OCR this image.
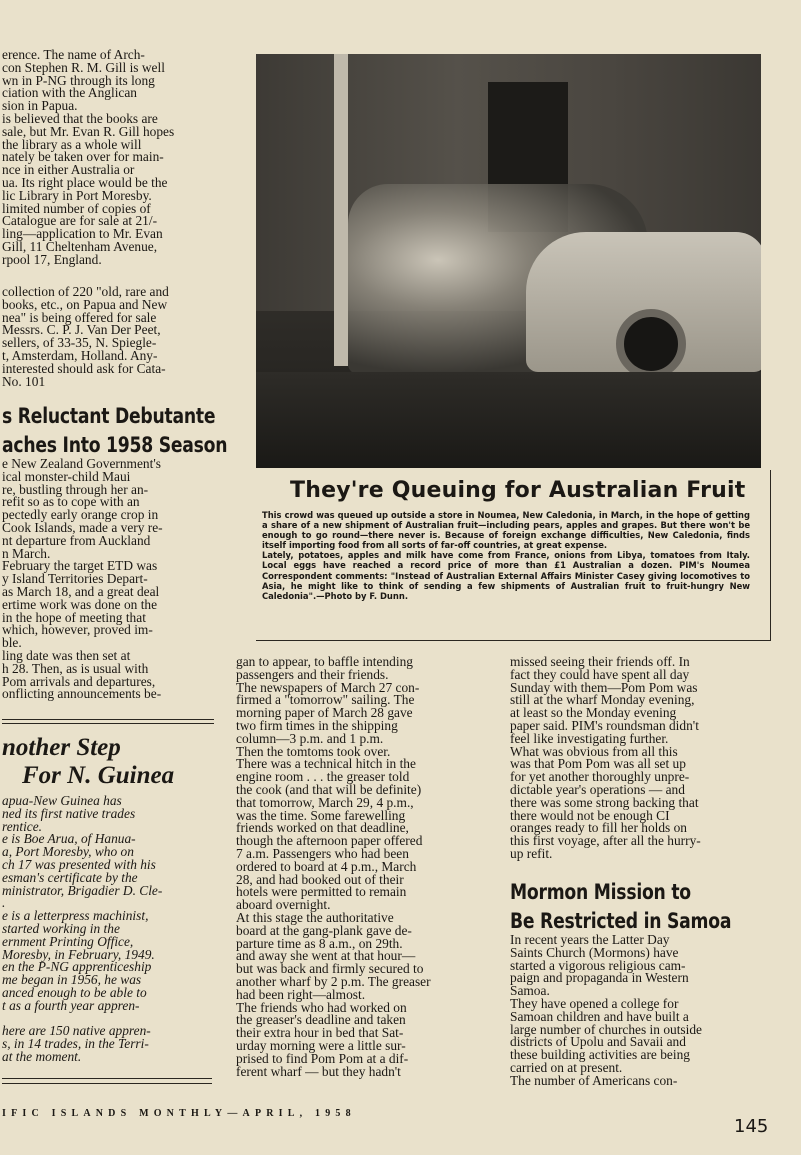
erence. The name of Arch-
con Stephen R. M. Gill is well
wn in P-NG through its long
ciation with the Anglican
sion in Papua.
is believed that the books are
sale, but Mr. Evan R. Gill hopes
the library as a whole will
nately be taken over for main-
nce in either Australia or
ua. Its right place would be the
lic Library in Port Moresby.
limited number of copies of
Catalogue are for sale at 21/-
ling—application to Mr. Evan
Gill, 11 Cheltenham Avenue,
rpool 17, England.

collection of 220 "old, rare and
books, etc., on Papua and New
nea" is being offered for sale
Messrs. C. P. J. Van Der Peet,
sellers, of 33-35, N. Spiegle-
t, Amsterdam, Holland. Any-
interested should ask for Cata-
No. 101

s Reluctant Debutante

aches Into 1958 Season

e New Zealand Government's
ical monster-child Maui
re, bustling through her an-
refit so as to cope with an
pectedly early orange crop in
Cook Islands, made a very re-
nt departure from Auckland
n March.
February the target ETD was
y Island Territories Depart-
as March 18, and a great deal
ertime work was done on the
in the hope of meeting that
which, however, proved im-
ble.
ling date was then set at
h 28. Then, as is usual with
Pom arrivals and departures,
onflicting announcements be-

nother Step

For N. Guinea

apua-New Guinea has
ned its first native trades
rentice.
e is Boe Arua, of Hanua-
a, Port Moresby, who on
ch 17 was presented with his
esman's certificate by the
ministrator, Brigadier D. Cle-
.
e is a letterpress machinist,
started working in the
ernment Printing Office,
Moresby, in February, 1949.
en the P-NG apprenticeship
me began in 1956, he was
anced enough to be able to
t as a fourth year appren-

here are 150 native appren-
s, in 14 trades, in the Terri-
at the moment.

They're Queuing for Australian Fruit

This crowd was queued up outside a store in Noumea, New Caledonia, in March, in the hope of getting a share of a new shipment of Australian fruit—including pears, apples and grapes. But there won't be enough to go round—there never is. Because of foreign exchange difficulties, New Caledonia, finds itself importing food from all sorts of far-off countries, at great expense.
Lately, potatoes, apples and milk have come from France, onions from Libya, tomatoes from Italy. Local eggs have reached a record price of more than £1 Australian a dozen. PIM's Noumea Correspondent comments: "Instead of Australian External Affairs Minister Casey giving locomotives to Asia, he might like to think of sending a few shipments of Australian fruit to fruit-hungry New Caledonia".—Photo by F. Dunn.

gan to appear, to baffle intending
passengers and their friends.
The newspapers of March 27 con-
firmed a "tomorrow" sailing. The
morning paper of March 28 gave
two firm times in the shipping
column—3 p.m. and 1 p.m.
Then the tomtoms took over.
There was a technical hitch in the
engine room . . . the greaser told
the cook (and that will be definite)
that tomorrow, March 29, 4 p.m.,
was the time. Some farewelling
friends worked on that deadline,
though the afternoon paper offered
7 a.m. Passengers who had been
ordered to board at 4 p.m., March
28, and had booked out of their
hotels were permitted to remain
aboard overnight.
At this stage the authoritative
board at the gang-plank gave de-
parture time as 8 a.m., on 29th.
and away she went at that hour—
but was back and firmly secured to
another wharf by 2 p.m. The greaser
had been right—almost.
The friends who had worked on
the greaser's deadline and taken
their extra hour in bed that Sat-
urday morning were a little sur-
prised to find Pom Pom at a dif-
ferent wharf — but they hadn't

missed seeing their friends off. In
fact they could have spent all day
Sunday with them—Pom Pom was
still at the wharf Monday evening,
at least so the Monday evening
paper said. PIM's roundsman didn't
feel like investigating further.
What was obvious from all this
was that Pom Pom was all set up
for yet another thoroughly unpre-
dictable year's operations — and
there was some strong backing that
there would not be enough CI
oranges ready to fill her holds on
this first voyage, after all the hurry-
up refit.

Mormon Mission to

Be Restricted in Samoa

In recent years the Latter Day
Saints Church (Mormons) have
started a vigorous religious cam-
paign and propaganda in Western
Samoa.
They have opened a college for
Samoan children and have built a
large number of churches in outside
districts of Upolu and Savaii and
these building activities are being
carried on at present.
The number of Americans con-

IFIC ISLANDS MONTHLY—APRIL, 1958

145
